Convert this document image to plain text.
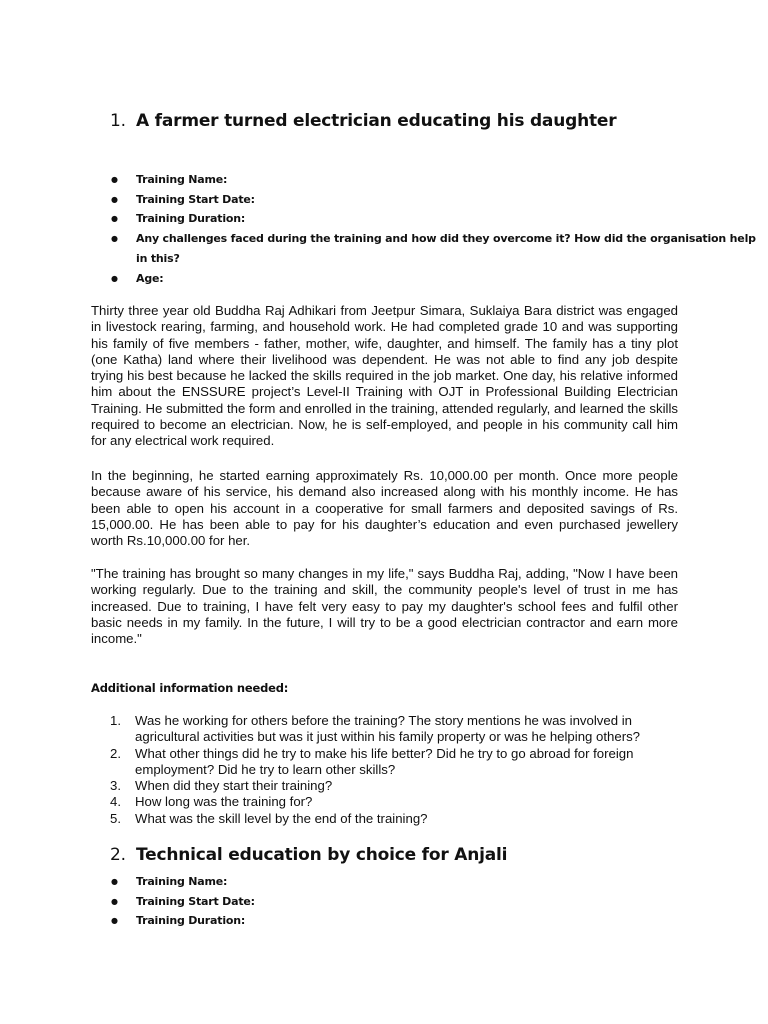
1. A farmer turned electrician educating his daughter
● Training Name:
● Training Start Date:
● Training Duration:
● Any challenges faced during the training and how did they overcome it? How did the organisation help in this?
● Age:

Thirty three year old Buddha Raj Adhikari from Jeetpur Simara, Suklaiya Bara district was engaged in livestock rearing, farming, and household work. He had completed grade 10 and was supporting his family of five members - father, mother, wife, daughter, and himself. The family has a tiny plot (one Katha) land where their livelihood was dependent. He was not able to find any job despite trying his best because he lacked the skills required in the job market. One day, his relative informed him about the ENSSURE project’s Level-II Training with OJT in Professional Building Electrician Training. He submitted the form and enrolled in the training, attended regularly, and learned the skills required to become an electrician. Now, he is self-employed, and people in his community call him for any electrical work required.

In the beginning, he started earning approximately Rs. 10,000.00 per month. Once more people because aware of his service, his demand also increased along with his monthly income. He has been able to open his account in a cooperative for small farmers and deposited savings of Rs. 15,000.00. He has been able to pay for his daughter’s education and even purchased jewellery worth Rs.10,000.00 for her.

"The training has brought so many changes in my life," says Buddha Raj, adding, "Now I have been working regularly. Due to the training and skill, the community people's level of trust in me has increased. Due to training, I have felt very easy to pay my daughter's school fees and fulfil other basic needs in my family. In the future, I will try to be a good electrician contractor and earn more income."

Additional information needed:
1. Was he working for others before the training? The story mentions he was involved in agricultural activities but was it just within his family property or was he helping others?
2. What other things did he try to make his life better? Did he try to go abroad for foreign employment? Did he try to learn other skills?
3. When did they start their training?
4. How long was the training for?
5. What was the skill level by the end of the training?
2. Technical education by choice for Anjali
● Training Name:
● Training Start Date:
● Training Duration:
